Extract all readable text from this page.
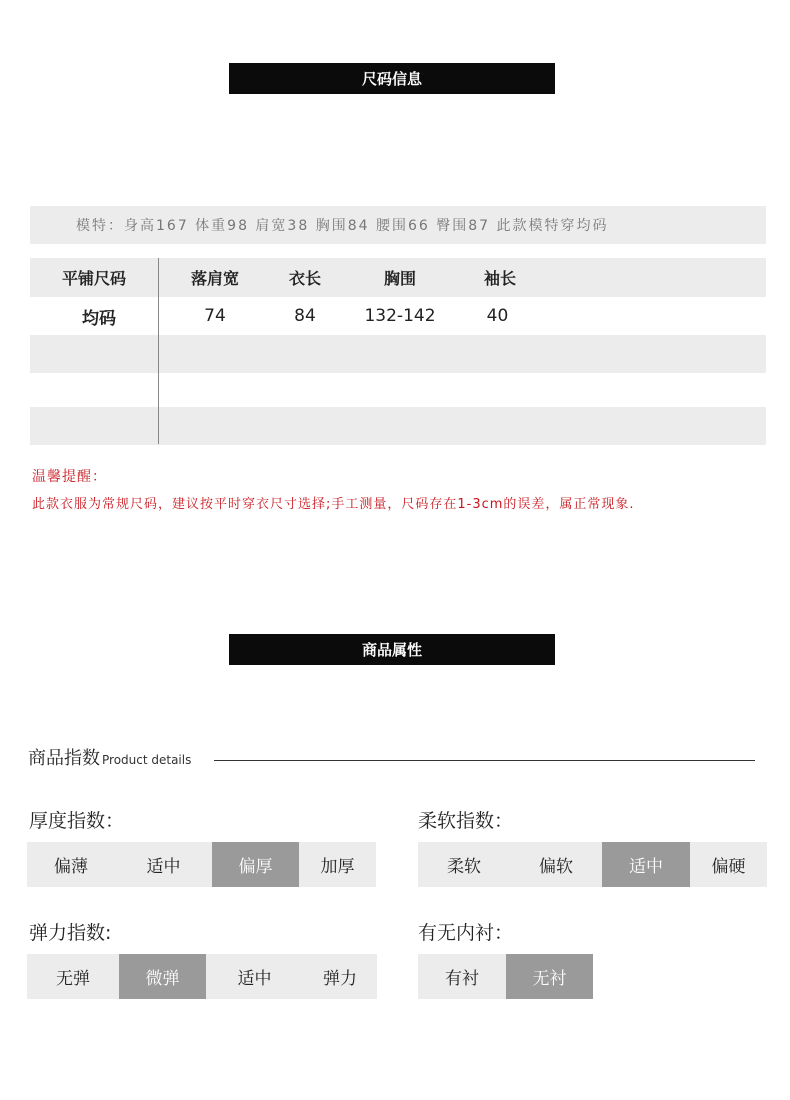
尺码信息
模特：身高167 体重98 肩宽38 胸围84 腰围66 臀围87 此款模特穿均码
平铺尺码	落肩宽	衣长	胸围	袖长
均码	74	84	132-142	40
温馨提醒：
此款衣服为常规尺码，建议按平时穿衣尺寸选择;手工测量，尺码存在1-3cm的误差，属正常现象.
商品属性
商品指数 Product details
厚度指数：
偏薄	适中	偏厚	加厚
柔软指数：
柔软	偏软	适中	偏硬
弹力指数:
无弹	微弹	适中	弹力
有无内衬：
有衬	无衬
